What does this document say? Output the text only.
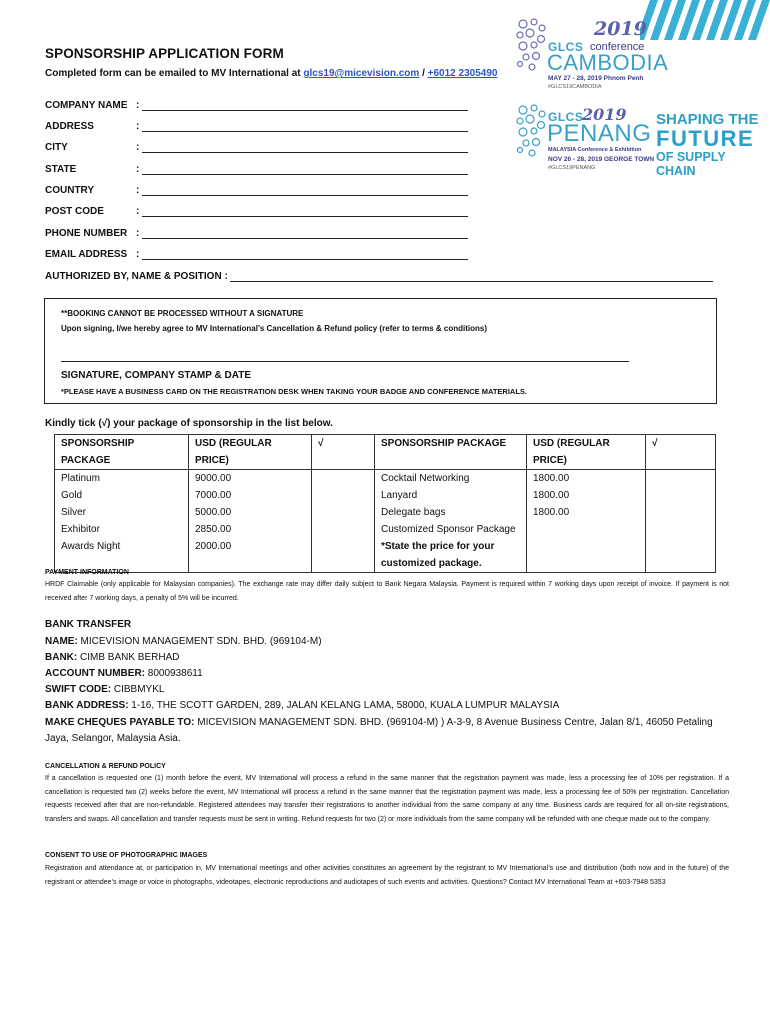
SPONSORSHIP APPLICATION FORM
Completed form can be emailed to MV International at glcs19@micevision.com / +6012 2305490
2019
GLCS conference
CAMBODIA
MAY 27 - 28, 2019 Phnom Penh
#GLCS19CAMBODIA
GLCS
2019
PENANG
MALAYSIA Conference & Exhibition
NOV 26 - 28, 2019 GEORGE TOWN
#GLCS19PENANG
SHAPING THE
FUTURE
OF SUPPLY CHAIN
COMPANY NAME :
ADDRESS	:
CITY	:
STATE	:
COUNTRY	:
POST CODE	:
PHONE NUMBER :
EMAIL ADDRESS :
AUTHORIZED BY, NAME & POSITION :
**BOOKING CANNOT BE PROCESSED WITHOUT A SIGNATURE
Upon signing, I/we hereby agree to MV International’s Cancellation & Refund policy (refer to terms & conditions)
SIGNATURE, COMPANY STAMP & DATE
*PLEASE HAVE A BUSINESS CARD ON THE REGISTRATION DESK WHEN TAKING YOUR BADGE AND CONFERENCE MATERIALS.
Kindly tick (√) your package of sponsorship in the list below.
SPONSORSHIP PACKAGE	USD (REGULAR PRICE)	√	SPONSORSHIP PACKAGE	USD (REGULAR PRICE)	√
Platinum	9000.00		Cocktail Networking	1800.00	
Gold	7000.00		Lanyard	1800.00	
Silver	5000.00		Delegate bags	1800.00	
Exhibitor	2850.00		Customized Sponsor Package		
Awards Night	2000.00		*State the price for your		
			customized package.		
PAYMENT INFORMATION
HRDF Claimable (only applicable for Malaysian companies). The exchange rate may differ daily subject to Bank Negara Malaysia. Payment is required within 7 working days upon receipt of invoice. If payment is not received after 7 working days, a penalty of 5% will be incurred.
BANK TRANSFER
NAME: MICEVISION MANAGEMENT SDN. BHD. (969104-M)
BANK: CIMB BANK BERHAD
ACCOUNT NUMBER: 8000938611
SWIFT CODE: CIBBMYKL
BANK ADDRESS: 1-16, THE SCOTT GARDEN, 289, JALAN KELANG LAMA, 58000, KUALA LUMPUR MALAYSIA
MAKE CHEQUES PAYABLE TO: MICEVISION MANAGEMENT SDN. BHD. (969104-M) ) A-3-9, 8 Avenue Business Centre, Jalan 8/1, 46050 Petaling Jaya, Selangor, Malaysia Asia.
CANCELLATION & REFUND POLICY
If a cancellation is requested one (1) month before the event, MV International will process a refund in the same manner that the registration payment was made, less a processing fee of 10% per registration. If a cancellation is requested two (2) weeks before the event, MV International will process a refund in the same manner that the registration payment was made, less a processing fee of 50% per registration. Cancellation requests received after that are non-refundable. Registered attendees may transfer their registrations to another individual from the same company at any time. Business cards are required for all on-site registrations, transfers and swaps. All cancellation and transfer requests must be sent in writing. Refund requests for two (2) or more individuals from the same company will be refunded with one cheque made out to the company.
CONSENT TO USE OF PHOTOGRAPHIC IMAGES
Registration and attendance at, or participation in, MV International meetings and other activities constitutes an agreement by the registrant to MV International’s use and distribution (both now and in the future) of the registrant or attendee’s image or voice in photographs, videotapes, electronic reproductions and audiotapes of such events and activities. Questions? Contact MV International Team at +603-7948 5353
